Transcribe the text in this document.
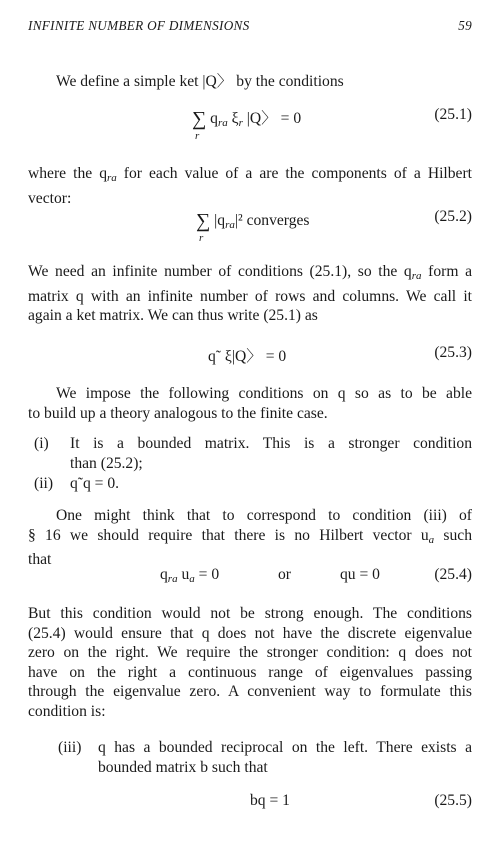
INFINITE NUMBER OF DIMENSIONS	59
We define a simple ket |Q〉 by the conditions
∑ $q_{ra}$ $\xi_r$ |Q〉 = 0
r
(25.1)
where the $q_{ra}$ for each value of a are the components of a Hilbert
vector:
∑ $|q_{ra}|^2$ converges
r
(25.2)
We need an infinite number of conditions (25.1), so the $q_{ra}$ form a
matrix q with an infinite number of rows and columns. We call it
again a ket matrix. We can thus write (25.1) as
q˜ ξ|Q〉 = 0	(25.3)
We impose the following conditions on q so as to be able
to build up a theory analogous to the finite case.
(i) It is a bounded matrix. This is a stronger condition
than (25.2);
(ii) q˜q = 0.
One might think that to correspond to condition (iii) of
§ 16 we should require that there is no Hilbert vector $u_a$ such
that
$q_{ra}$ $u_a = 0$	or	qu = 0	(25.4)
But this condition would not be strong enough. The conditions
(25.4) would ensure that q does not have the discrete eigenvalue
zero on the right. We require the stronger condition: q does not
have on the right a continuous range of eigenvalues passing
through the eigenvalue zero. A convenient way to formulate this
condition is:
(iii) q has a bounded reciprocal on the left. There exists a
bounded matrix b such that
bq = 1	(25.5)
